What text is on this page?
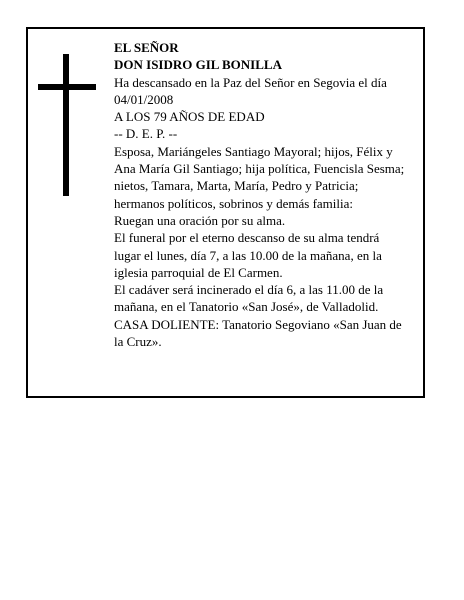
EL SEÑOR
DON ISIDRO GIL BONILLA
Ha descansado en la Paz del Señor en Segovia el día
04/01/2008
A LOS 79 AÑOS DE EDAD
-- D. E. P. --
Esposa, Mariángeles Santiago Mayoral; hijos, Félix y
Ana María Gil Santiago; hija política, Fuencisla Sesma;
nietos, Tamara, Marta, María, Pedro y Patricia;
hermanos políticos, sobrinos y demás familia:
Ruegan una oración por su alma.
El funeral por el eterno descanso de su alma tendrá
lugar el lunes, día 7, a las 10.00 de la mañana, en la
iglesia parroquial de El Carmen.
El cadáver será incinerado el día 6, a las 11.00 de la
mañana, en el Tanatorio «San José», de Valladolid.
CASA DOLIENTE: Tanatorio Segoviano «San Juan de
la Cruz».
